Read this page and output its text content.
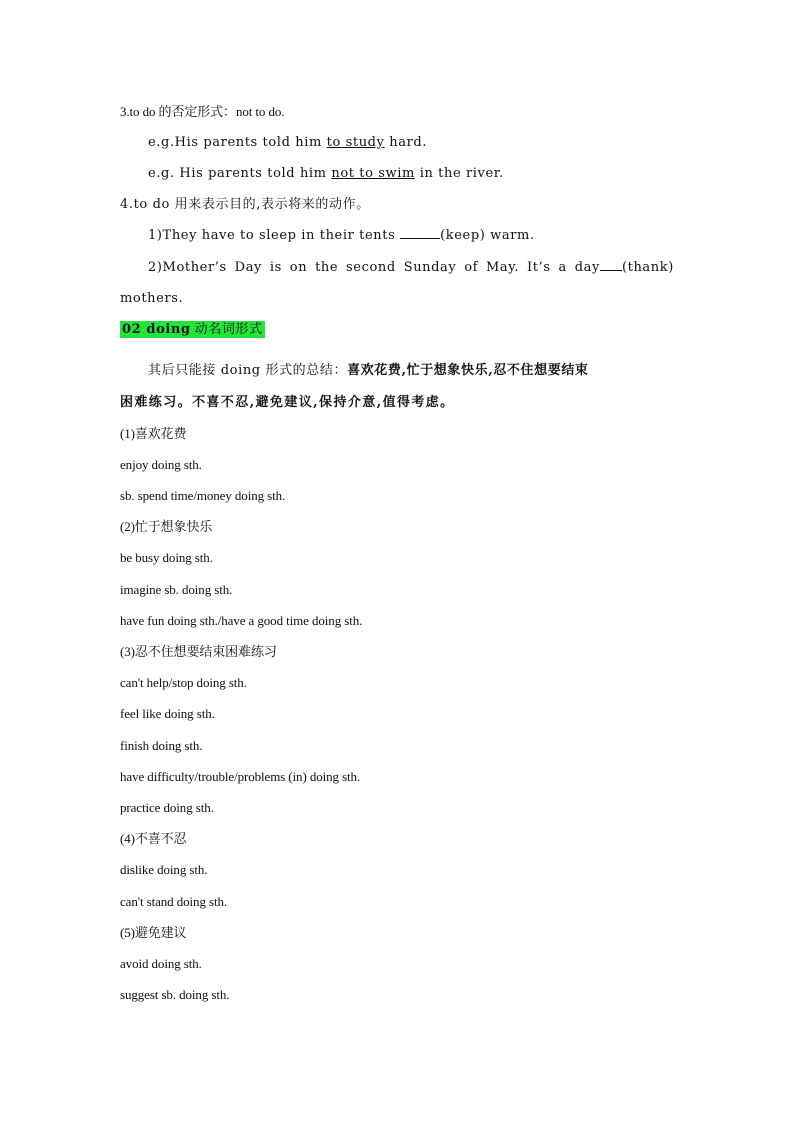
3.to do 的否定形式：not to do.
e.g.His parents told him to study hard.
e.g. His parents told him not to swim in the river.
4.to do 用来表示目的,表示将来的动作。
1)They have to sleep in their tents	(keep) warm.
2)Mother’s Day is on the second Sunday of May. It’s a day (thank)
mothers.
02 doing 动名词形式
其后只能接 doing 形式的总结：喜欢花费,忙于想象快乐,忍不住想要结束
困难练习。不喜不忍,避免建议,保持介意,值得考虑。
(1)喜欢花费
enjoy doing sth.
sb. spend time/money doing sth.
(2)忙于想象快乐
be busy doing sth.
imagine sb. doing sth.
have fun doing sth./have a good time doing sth.
(3)忍不住想要结束困难练习
can't help/stop doing sth.
feel like doing sth.
finish doing sth.
have difficulty/trouble/problems (in) doing sth.
practice doing sth.
(4)不喜不忍
dislike doing sth.
can't stand doing sth.
(5)避免建议
avoid doing sth.
suggest sb. doing sth.
